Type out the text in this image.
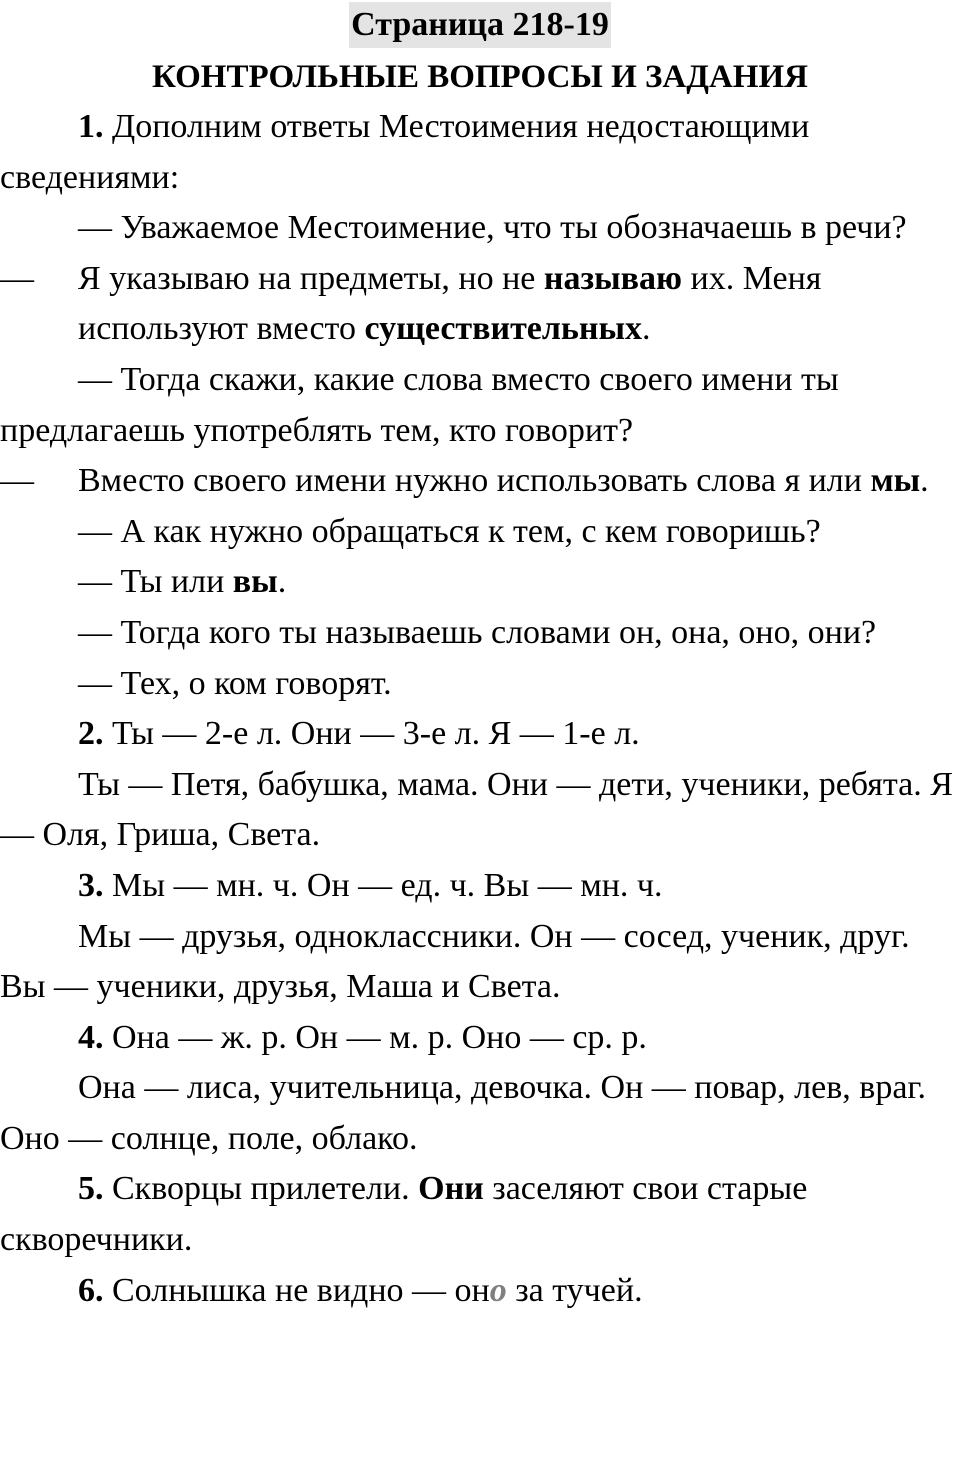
Страница 218-19
КОНТРОЛЬНЫЕ ВОПРОСЫ И ЗАДАНИЯ

1. Дополним ответы Местоимения недостающими сведениями:

— Уважаемое Местоимение, что ты обозначаешь в речи?

— Я указываю на предметы, но не называю их. Меня используют вместо существительных.

— Тогда скажи, какие слова вместо своего имени ты предлагаешь употреблять тем, кто говорит?

— Вместо своего имени нужно использовать слова я или мы.

— А как нужно обращаться к тем, с кем говоришь?

— Ты или вы.

— Тогда кого ты называешь словами он, она, оно, они?

— Тех, о ком говорят.

2. Ты — 2-е л. Они — 3-е л. Я — 1-е л.

Ты — Петя, бабушка, мама. Они — дети, ученики, ребята. Я — Оля, Гриша, Света.

3. Мы — мн. ч. Он — ед. ч. Вы — мн. ч.

Мы — друзья, одноклассники. Он — сосед, ученик, друг. Вы — ученики, друзья, Маша и Света.

4. Она — ж. р. Он — м. р. Оно — ср. р.

Она — лиса, учительница, девочка. Он — повар, лев, враг. Оно — солнце, поле, облако.

5. Скворцы прилетели. Они заселяют свои старые скворечники.

6. Солнышка не видно — оно за тучей.
